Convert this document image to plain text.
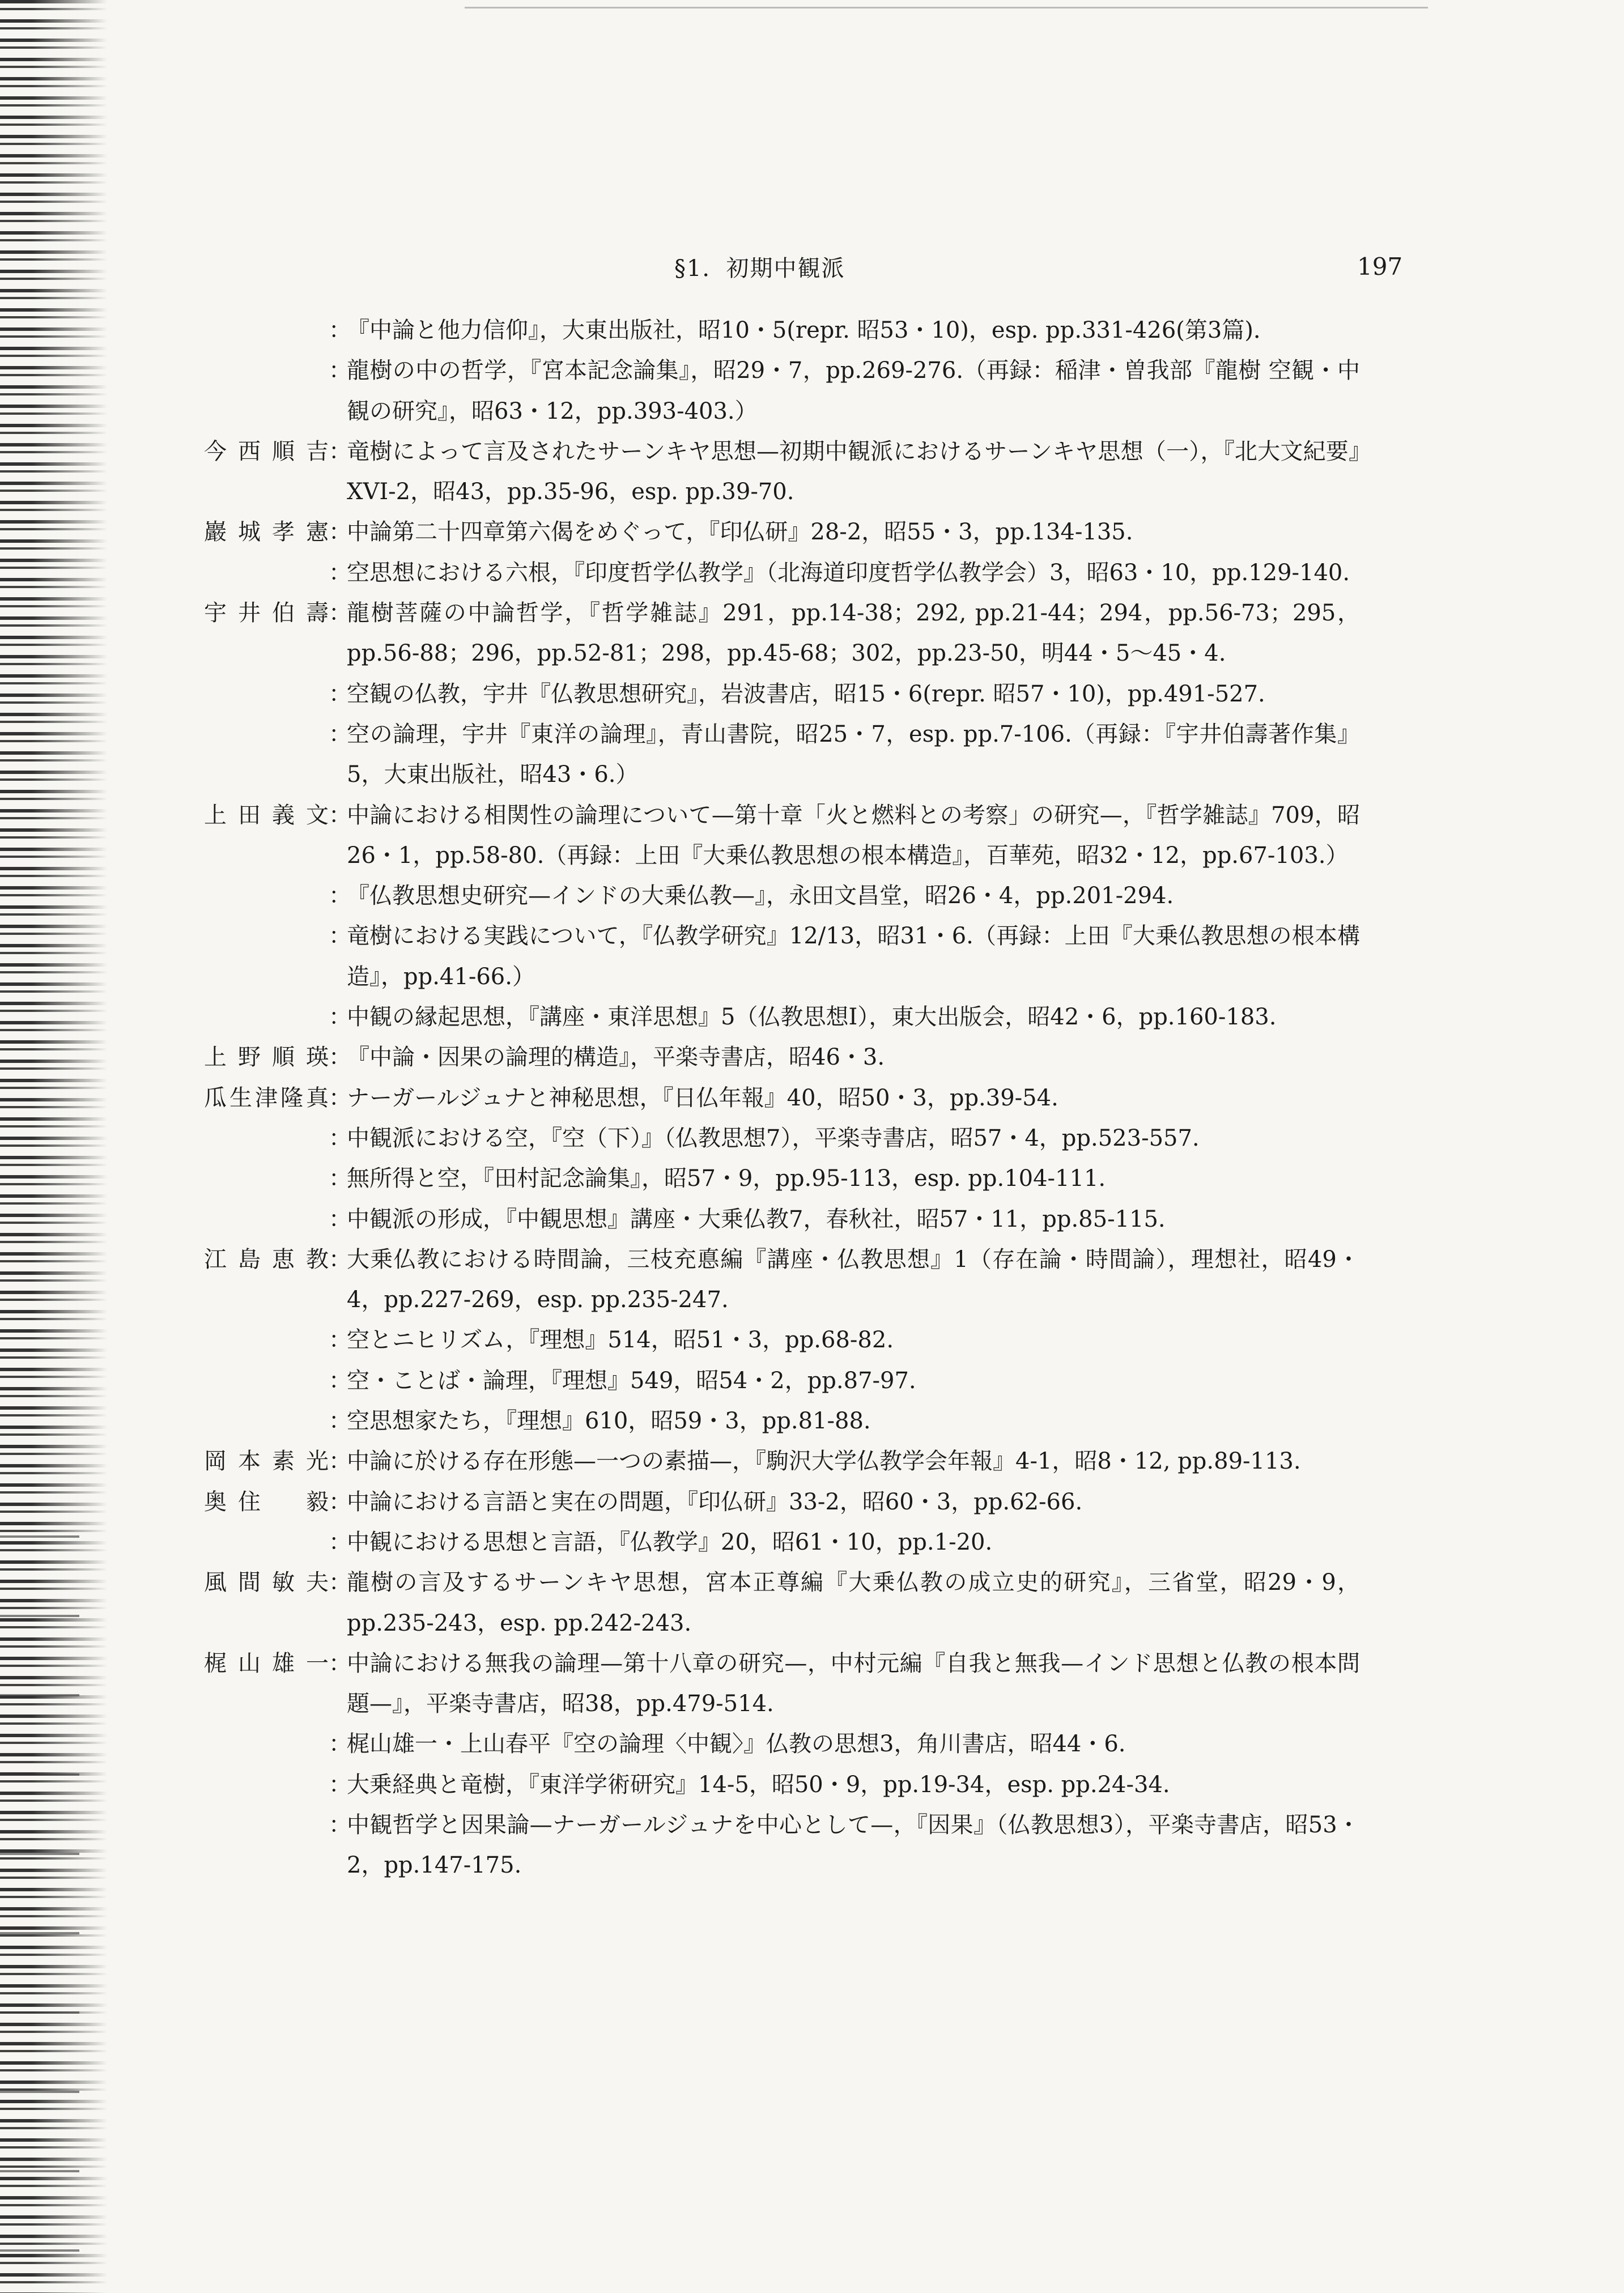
§1．初期中観派	197
：
『中論と他力信仰』，大東出版社，昭10・5(repr. 昭53・10)，esp. pp.331-426(第3篇)．
：
龍樹の中の哲学，『宮本記念論集』，昭29・7，pp.269-276.（再録：稲津・曽我部『龍樹 空観・中観の研究』，昭63・12，pp.393-403.）
今西順吉 ：
竜樹によって言及されたサーンキヤ思想—初期中観派におけるサーンキヤ思想（一），『北大文紀要』XVI-2，昭43，pp.35-96，esp. pp.39-70.
巖城孝憲 ：
中論第二十四章第六偈をめぐって，『印仏研』28-2，昭55・3，pp.134-135.
：
空思想における六根，『印度哲学仏教学』（北海道印度哲学仏教学会）3，昭63・10，pp.129-140.
宇井伯壽 ：
龍樹菩薩の中論哲学，『哲学雑誌』291，pp.14-38；292, pp.21-44；294，pp.56-73；295，pp.56-88；296，pp.52-81；298，pp.45-68；302，pp.23-50，明44・5〜45・4.
：
空観の仏教，宇井『仏教思想研究』，岩波書店，昭15・6(repr. 昭57・10)，pp.491-527.
：
空の論理，宇井『東洋の論理』，青山書院，昭25・7，esp. pp.7-106.（再録：『宇井伯壽著作集』5，大東出版社，昭43・6.）
上田義文 ：
中論における相関性の論理について—第十章「火と燃料との考察」の研究—，『哲学雑誌』709，昭26・1，pp.58-80.（再録：上田『大乗仏教思想の根本構造』，百華苑，昭32・12，pp.67-103.）
：
『仏教思想史研究—インドの大乗仏教—』，永田文昌堂，昭26・4，pp.201-294.
：
竜樹における実践について，『仏教学研究』12/13，昭31・6.（再録：上田『大乗仏教思想の根本構造』，pp.41-66.）
：
中観の縁起思想，『講座・東洋思想』5（仏教思想Ⅰ），東大出版会，昭42・6，pp.160-183.
上野順瑛 ：
『中論・因果の論理的構造』，平楽寺書店，昭46・3.
瓜生津隆真 ：
ナーガールジュナと神秘思想，『日仏年報』40，昭50・3，pp.39-54.
：
中観派における空，『空（下）』（仏教思想7），平楽寺書店，昭57・4，pp.523-557.
：
無所得と空，『田村記念論集』，昭57・9，pp.95-113，esp. pp.104-111.
：
中観派の形成，『中観思想』講座・大乗仏教7，春秋社，昭57・11，pp.85-115.
江島恵教 ：
大乗仏教における時間論，三枝充悳編『講座・仏教思想』1（存在論・時間論），理想社，昭49・4，pp.227-269，esp. pp.235-247.
：
空とニヒリズム，『理想』514，昭51・3，pp.68-82.
：
空・ことば・論理，『理想』549，昭54・2，pp.87-97.
：
空思想家たち，『理想』610，昭59・3，pp.81-88.
岡本素光 ：
中論に於ける存在形態—一つの素描—，『駒沢大学仏教学会年報』4-1，昭8・12, pp.89-113.
奥住　毅 ：
中論における言語と実在の問題，『印仏研』33-2，昭60・3，pp.62-66.
：
中観における思想と言語，『仏教学』20，昭61・10，pp.1-20.
風間敏夫 ：
龍樹の言及するサーンキヤ思想，宮本正尊編『大乗仏教の成立史的研究』，三省堂，昭29・9，pp.235-243，esp. pp.242-243.
梶山雄一 ：
中論における無我の論理—第十八章の研究—，中村元編『自我と無我—インド思想と仏教の根本問題—』，平楽寺書店，昭38，pp.479-514.
：
梶山雄一・上山春平『空の論理〈中観〉』仏教の思想3，角川書店，昭44・6.
：
大乗経典と竜樹，『東洋学術研究』14-5，昭50・9，pp.19-34，esp. pp.24-34.
：
中観哲学と因果論—ナーガールジュナを中心として—，『因果』（仏教思想3），平楽寺書店，昭53・2，pp.147-175.
